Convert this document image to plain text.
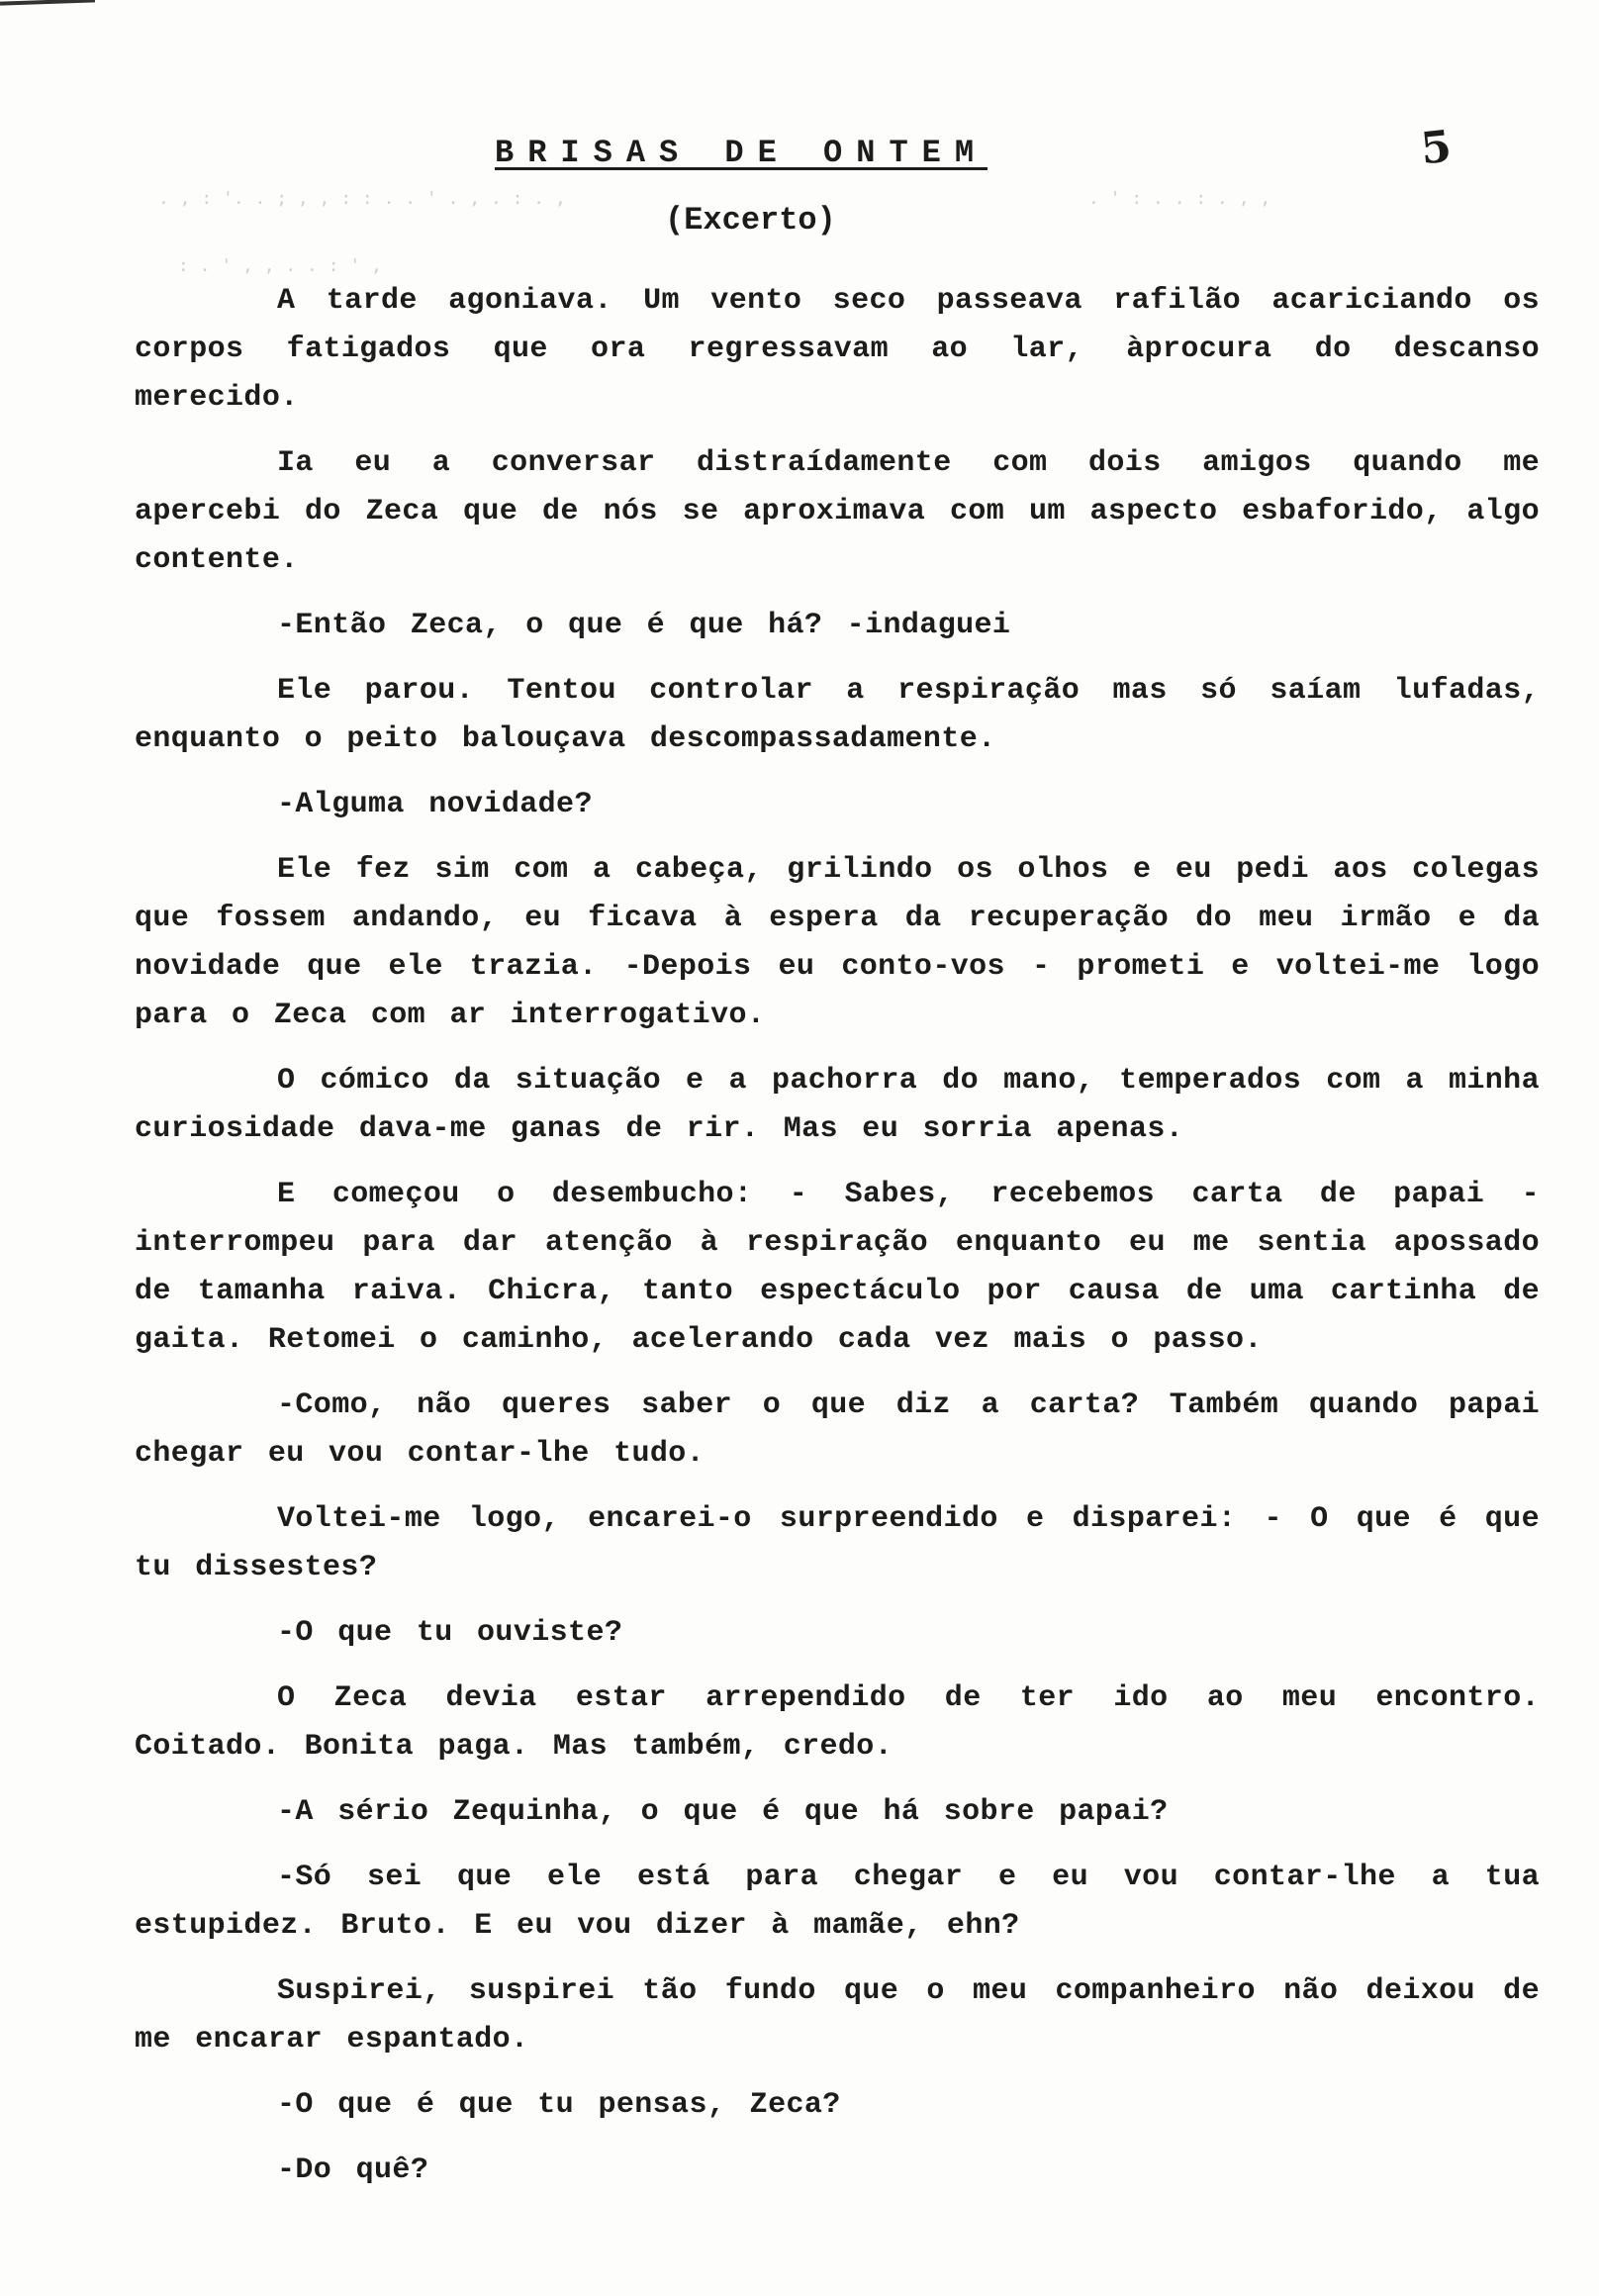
. , : '. . ; , , : : . . ' . , . : . ,	. ' : . . : . , ,
: . ' , , . . : ' ,
BRISAS DE ONTEM	5
(Excerto)

A tarde agoniava. Um vento seco passeava rafilão acariciando os corpos fatigados que ora regressavam ao lar, àprocura do descanso merecido.

Ia eu a conversar distraídamente com dois amigos quando me apercebi do Zeca que de nós se aproximava com um aspecto esbaforido, algo contente.

-Então Zeca, o que é que há? -indaguei

Ele parou. Tentou controlar a respiração mas só saíam lufadas, enquanto o peito balouçava descompassadamente.

-Alguma novidade?

Ele fez sim com a cabeça, grilindo os olhos e eu pedi aos colegas que fossem andando, eu ficava à espera da recuperação do meu irmão e da novidade que ele trazia. -Depois eu conto-vos - prometi e voltei-me logo para o Zeca com ar interrogativo.

O cómico da situação e a pachorra do mano, temperados com a minha curiosidade dava-me ganas de rir. Mas eu sorria apenas.

E começou o desembucho: - Sabes, recebemos carta de papai - interrompeu para dar atenção à respiração enquanto eu me sentia apossado de tamanha raiva. Chicra, tanto espectáculo por causa de uma cartinha de gaita. Retomei o caminho, acelerando cada vez mais o passo.

-Como, não queres saber o que diz a carta? Também quando papai chegar eu vou contar-lhe tudo.

Voltei-me logo, encarei-o surpreendido e disparei: - O que é que tu dissestes?

-O que tu ouviste?

O Zeca devia estar arrependido de ter ido ao meu encontro. Coitado. Bonita paga. Mas também, credo.

-A sério Zequinha, o que é que há sobre papai?

-Só sei que ele está para chegar e eu vou contar-lhe a tua estupidez. Bruto. E eu vou dizer à mamãe, ehn?

Suspirei, suspirei tão fundo que o meu companheiro não deixou de me encarar espantado.

-O que é que tu pensas, Zeca?

-Do quê?
